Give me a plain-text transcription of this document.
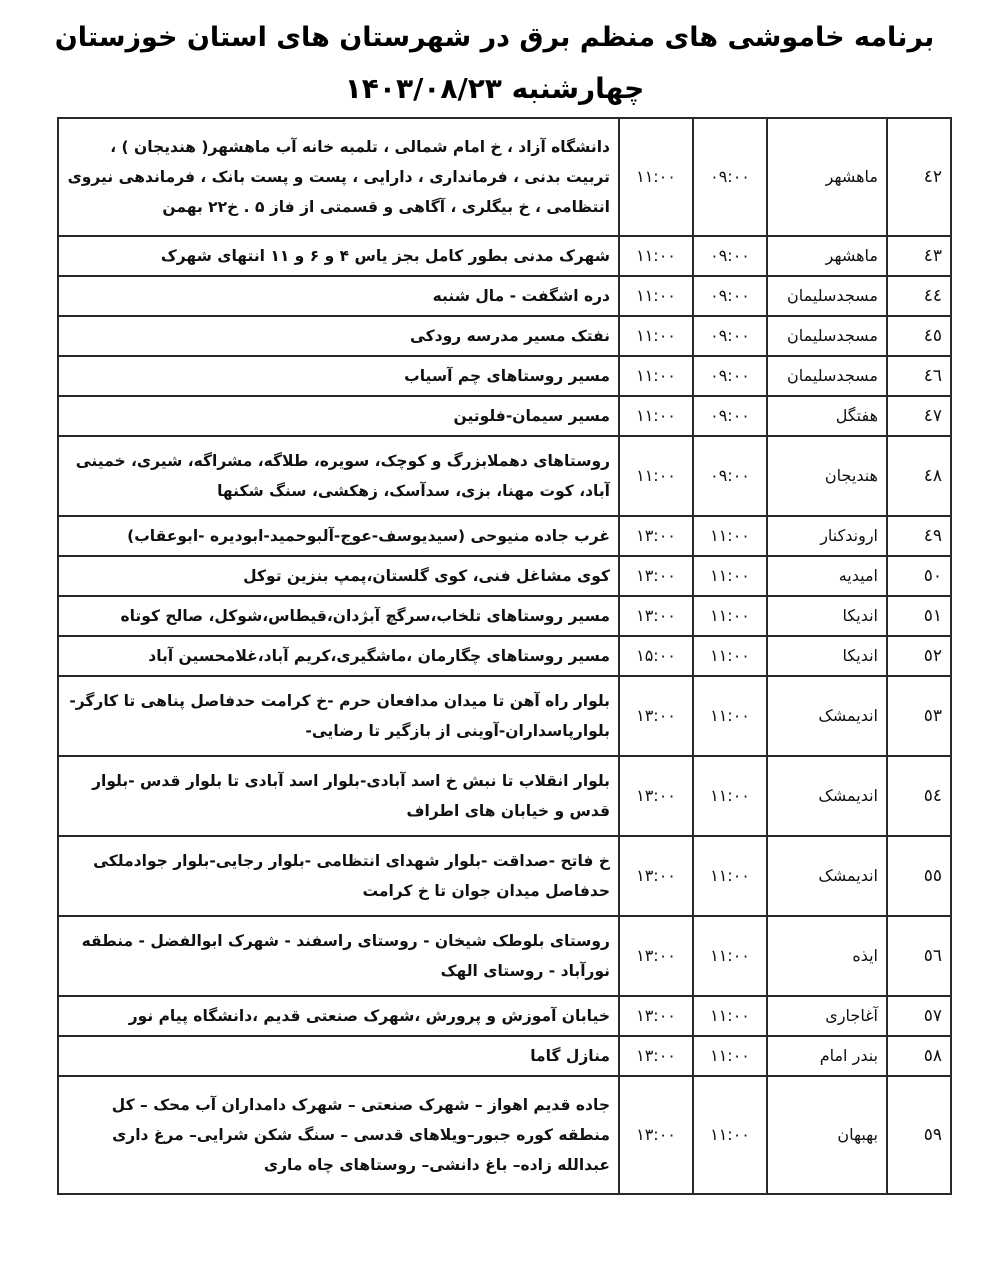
برنامه خاموشی های منظم برق در شهرستان های استان خوزستان
چهارشنبه ۱۴۰۳/۰۸/۲۳
٤٢	ماهشهر	۰۹:۰۰	۱۱:۰۰	دانشگاه آزاد ، خ امام شمالی ، تلمبه خانه آب ماهشهر( هندیجان ) ، تربیت بدنی ، فرمانداری ، دارایی ، پست و پست بانک ، فرماندهی نیروی انتظامی ، خ بیگلری ، آگاهی و قسمتی از فاز ۵ . خ۲۲ بهمن
٤٣	ماهشهر	۰۹:۰۰	۱۱:۰۰	شهرک مدنی بطور کامل بجز یاس ۴ و ۶ و ۱۱ انتهای شهرک
٤٤	مسجدسلیمان	۰۹:۰۰	۱۱:۰۰	دره اشگفت - مال شنبه
٤٥	مسجدسلیمان	۰۹:۰۰	۱۱:۰۰	نفتک مسیر مدرسه رودکی
٤٦	مسجدسلیمان	۰۹:۰۰	۱۱:۰۰	مسیر روستاهای چم آسیاب
٤٧	هفتگل	۰۹:۰۰	۱۱:۰۰	مسیر سیمان-فلوتین
٤٨	هندیجان	۰۹:۰۰	۱۱:۰۰	روستاهای دهملابزرگ و کوچک، سویره، طلاگه، مشراگه، شیری، خمینی آباد، کوت مهنا، بزی، سدآسک، زهکشی، سنگ شکنها
٤٩	اروندکنار	۱۱:۰۰	۱۳:۰۰	غرب جاده منیوحی (سیدیوسف-عوج-آلبوحمید-ابودیره -ابوعقاب)
٥٠	امیدیه	۱۱:۰۰	۱۳:۰۰	کوی مشاغل فنی، کوی گلستان،پمپ بنزین توکل
٥١	اندیکا	۱۱:۰۰	۱۳:۰۰	مسیر روستاهای تلخاب،سرگچ آبژدان،قیطاس،شوکل، صالح کوتاه
٥٢	اندیکا	۱۱:۰۰	۱۵:۰۰	مسیر روستاهای چگارمان ،ماشگیری،کریم آباد،غلامحسین آباد
٥٣	اندیمشک	۱۱:۰۰	۱۳:۰۰	بلوار راه آهن تا میدان مدافعان حرم -خ کرامت حدفاصل پناهی تا کارگر-بلوارپاسداران-آوینی از بازگیر تا رضایی-
٥٤	اندیمشک	۱۱:۰۰	۱۳:۰۰	بلوار انقلاب تا نبش خ اسد آبادی-بلوار اسد آبادی تا بلوار قدس -بلوار قدس و خیابان های اطراف
٥٥	اندیمشک	۱۱:۰۰	۱۳:۰۰	خ فاتح -صداقت -بلوار شهدای انتظامی -بلوار رجایی-بلوار جوادملکی حدفاصل میدان جوان تا خ کرامت
٥٦	ایذه	۱۱:۰۰	۱۳:۰۰	روستای بلوطک شیخان - روستای راسفند - شهرک ابوالفضل - منطقه نورآباد - روستای الهک
٥٧	آغاجاری	۱۱:۰۰	۱۳:۰۰	خیابان آموزش و پرورش ،شهرک صنعتی قدیم ،دانشگاه پیام نور
٥٨	بندر امام	۱۱:۰۰	۱۳:۰۰	منازل گاما
٥٩	بهبهان	۱۱:۰۰	۱۳:۰۰	جاده قدیم اهواز – شهرک صنعتی – شهرک دامداران آب محک – کل منطقه کوره جبور–ویلاهای قدسی – سنگ شکن شرایی– مرغ داری عبدالله زاده– باغ دانشی– روستاهای چاه ماری
